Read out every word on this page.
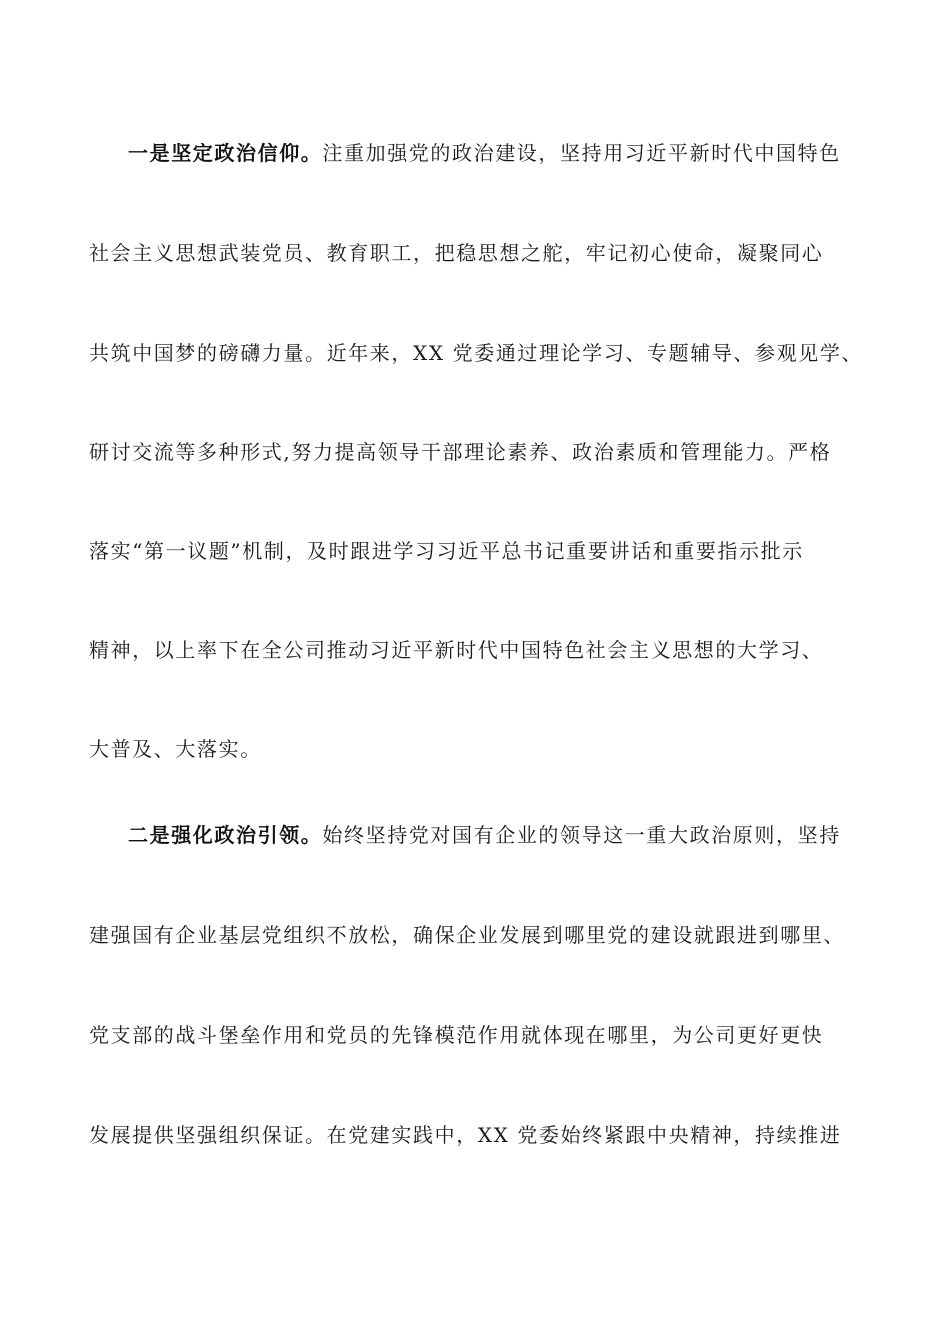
一是坚定政治信仰。注重加强党的政治建设，坚持用习近平新时代中国特色
社会主义思想武装党员、教育职工，把稳思想之舵，牢记初心使命，凝聚同心
共筑中国梦的磅礴力量。近年来，XX 党委通过理论学习、专题辅导、参观见学、
研讨交流等多种形式,努力提高领导干部理论素养、政治素质和管理能力。严格
落实“第一议题”机制，及时跟进学习习近平总书记重要讲话和重要指示批示
精神，以上率下在全公司推动习近平新时代中国特色社会主义思想的大学习、
大普及、大落实。
二是强化政治引领。始终坚持党对国有企业的领导这一重大政治原则，坚持
建强国有企业基层党组织不放松，确保企业发展到哪里党的建设就跟进到哪里、
党支部的战斗堡垒作用和党员的先锋模范作用就体现在哪里，为公司更好更快
发展提供坚强组织保证。在党建实践中，XX 党委始终紧跟中央精神，持续推进
